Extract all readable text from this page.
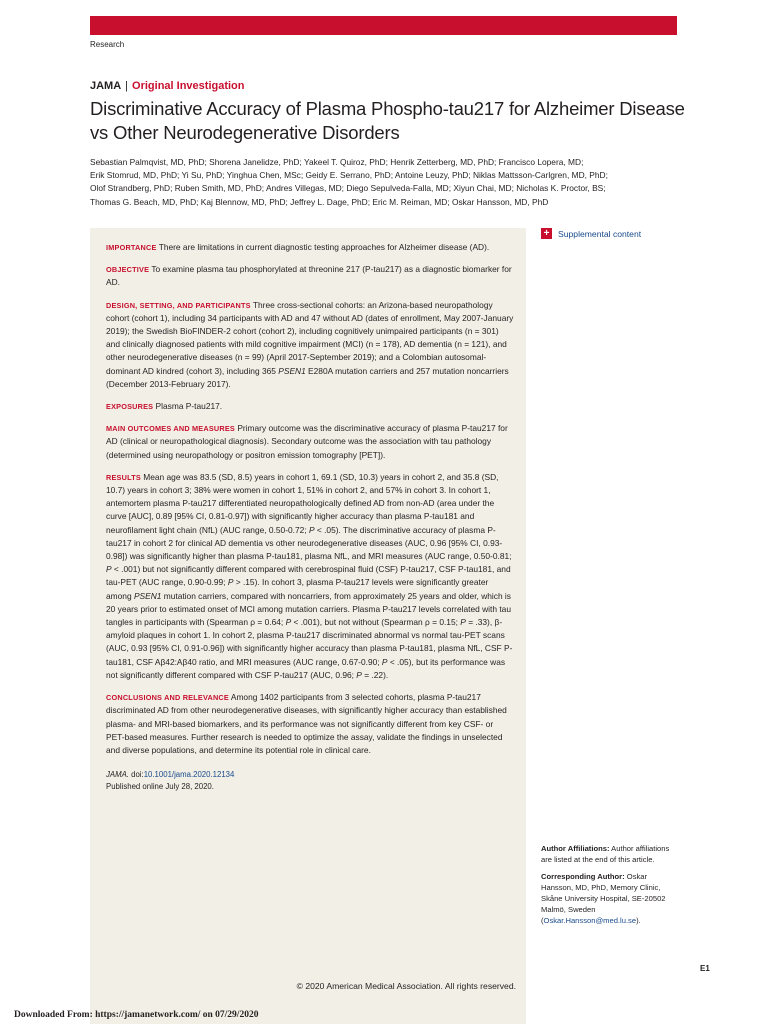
Research
JAMA | Original Investigation
Discriminative Accuracy of Plasma Phospho-tau217 for Alzheimer Disease vs Other Neurodegenerative Disorders
Sebastian Palmqvist, MD, PhD; Shorena Janelidze, PhD; Yakeel T. Quiroz, PhD; Henrik Zetterberg, MD, PhD; Francisco Lopera, MD;
Erik Stomrud, MD, PhD; Yi Su, PhD; Yinghua Chen, MSc; Geidy E. Serrano, PhD; Antoine Leuzy, PhD; Niklas Mattsson-Carlgren, MD, PhD;
Olof Strandberg, PhD; Ruben Smith, MD, PhD; Andres Villegas, MD; Diego Sepulveda-Falla, MD; Xiyun Chai, MD; Nicholas K. Proctor, BS;
Thomas G. Beach, MD, PhD; Kaj Blennow, MD, PhD; Jeffrey L. Dage, PhD; Eric M. Reiman, MD; Oskar Hansson, MD, PhD

IMPORTANCE There are limitations in current diagnostic testing approaches for Alzheimer disease (AD).

OBJECTIVE To examine plasma tau phosphorylated at threonine 217 (P-tau217) as a diagnostic biomarker for AD.

DESIGN, SETTING, AND PARTICIPANTS Three cross-sectional cohorts: an Arizona-based neuropathology cohort (cohort 1), including 34 participants with AD and 47 without AD (dates of enrollment, May 2007-January 2019); the Swedish BioFINDER-2 cohort (cohort 2), including cognitively unimpaired participants (n = 301) and clinically diagnosed patients with mild cognitive impairment (MCI) (n = 178), AD dementia (n = 121), and other neurodegenerative diseases (n = 99) (April 2017-September 2019); and a Colombian autosomal-dominant AD kindred (cohort 3), including 365 PSEN1 E280A mutation carriers and 257 mutation noncarriers (December 2013-February 2017).

EXPOSURES Plasma P-tau217.

MAIN OUTCOMES AND MEASURES Primary outcome was the discriminative accuracy of plasma P-tau217 for AD (clinical or neuropathological diagnosis). Secondary outcome was the association with tau pathology (determined using neuropathology or positron emission tomography [PET]).

RESULTS Mean age was 83.5 (SD, 8.5) years in cohort 1, 69.1 (SD, 10.3) years in cohort 2, and 35.8 (SD, 10.7) years in cohort 3; 38% were women in cohort 1, 51% in cohort 2, and 57% in cohort 3. In cohort 1, antemortem plasma P-tau217 differentiated neuropathologically defined AD from non-AD (area under the curve [AUC], 0.89 [95% CI, 0.81-0.97]) with significantly higher accuracy than plasma P-tau181 and neurofilament light chain (NfL) (AUC range, 0.50-0.72; P < .05). The discriminative accuracy of plasma P-tau217 in cohort 2 for clinical AD dementia vs other neurodegenerative diseases (AUC, 0.96 [95% CI, 0.93-0.98]) was significantly higher than plasma P-tau181, plasma NfL, and MRI measures (AUC range, 0.50-0.81; P < .001) but not significantly different compared with cerebrospinal fluid (CSF) P-tau217, CSF P-tau181, and tau-PET (AUC range, 0.90-0.99; P > .15). In cohort 3, plasma P-tau217 levels were significantly greater among PSEN1 mutation carriers, compared with noncarriers, from approximately 25 years and older, which is 20 years prior to estimated onset of MCI among mutation carriers. Plasma P-tau217 levels correlated with tau tangles in participants with (Spearman ρ = 0.64; P < .001), but not without (Spearman ρ = 0.15; P = .33), β-amyloid plaques in cohort 1. In cohort 2, plasma P-tau217 discriminated abnormal vs normal tau-PET scans (AUC, 0.93 [95% CI, 0.91-0.96]) with significantly higher accuracy than plasma P-tau181, plasma NfL, CSF P-tau181, CSF Aβ42:Aβ40 ratio, and MRI measures (AUC range, 0.67-0.90; P < .05), but its performance was not significantly different compared with CSF P-tau217 (AUC, 0.96; P = .22).

CONCLUSIONS AND RELEVANCE Among 1402 participants from 3 selected cohorts, plasma P-tau217 discriminated AD from other neurodegenerative diseases, with significantly higher accuracy than established plasma- and MRI-based biomarkers, and its performance was not significantly different from key CSF- or PET-based measures. Further research is needed to optimize the assay, validate the findings in unselected and diverse populations, and determine its potential role in clinical care.

JAMA. doi:10.1001/jama.2020.12134
Published online July 28, 2020.
© 2020 American Medical Association. All rights reserved.
+ Supplemental content

Author Affiliations: Author affiliations are listed at the end of this article.

Corresponding Author: Oskar Hansson, MD, PhD, Memory Clinic, Skåne University Hospital, SE-20502 Malmö, Sweden (Oskar.Hansson@med.lu.se).

E1
Downloaded From: https://jamanetwork.com/ on 07/29/2020
